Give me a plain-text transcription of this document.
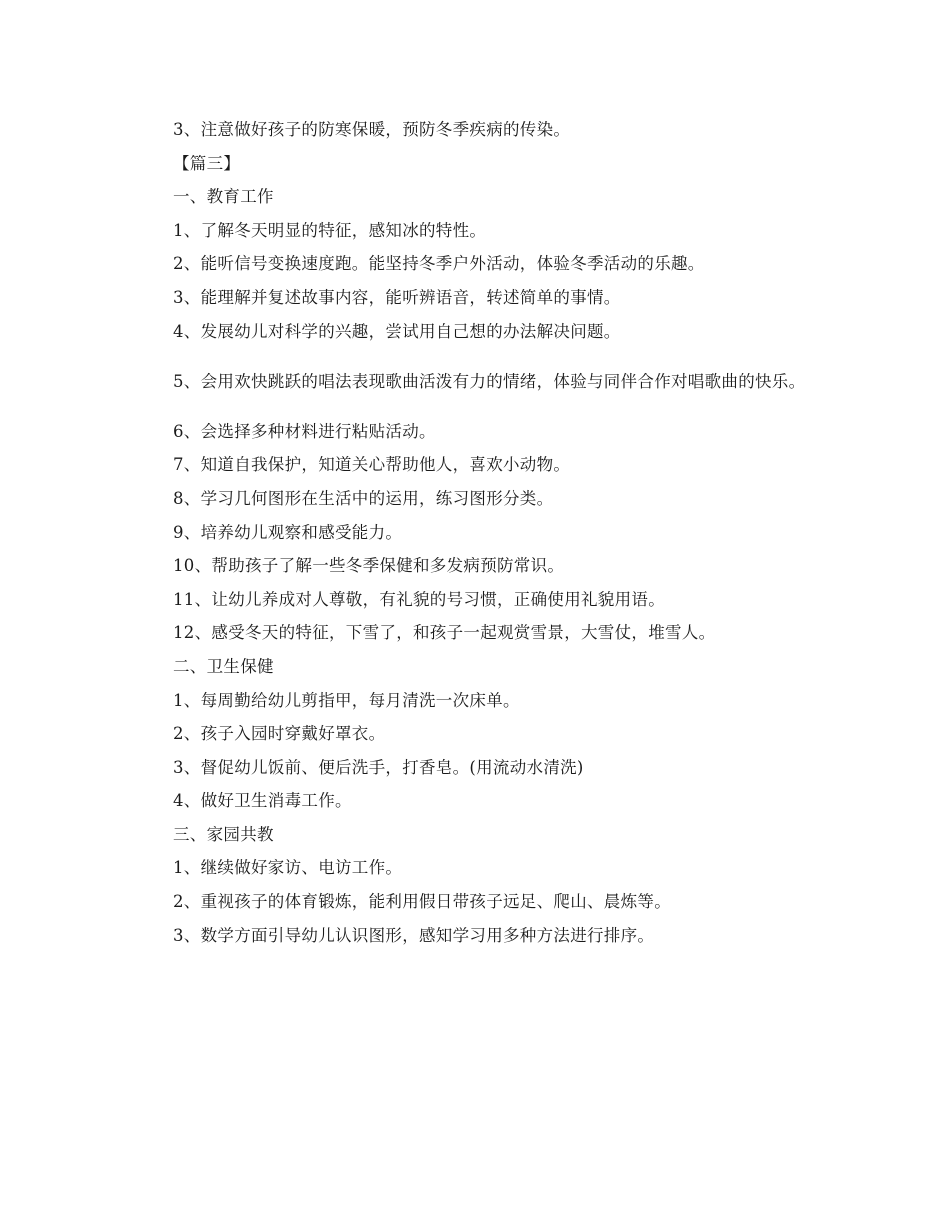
3、注意做好孩子的防寒保暖，预防冬季疾病的传染。

【篇三】

一、教育工作

1、了解冬天明显的特征，感知冰的特性。

2、能听信号变换速度跑。能坚持冬季户外活动，体验冬季活动的乐趣。

3、能理解并复述故事内容，能听辨语音，转述简单的事情。

4、发展幼儿对科学的兴趣，尝试用自己想的办法解决问题。

5、会用欢快跳跃的唱法表现歌曲活泼有力的情绪，体验与同伴合作对唱歌曲的快乐。

6、会选择多种材料进行粘贴活动。

7、知道自我保护，知道关心帮助他人，喜欢小动物。

8、学习几何图形在生活中的运用，练习图形分类。

9、培养幼儿观察和感受能力。

10、帮助孩子了解一些冬季保健和多发病预防常识。

11、让幼儿养成对人尊敬，有礼貌的号习惯，正确使用礼貌用语。

12、感受冬天的特征，下雪了，和孩子一起观赏雪景，大雪仗，堆雪人。

二、卫生保健

1、每周勤给幼儿剪指甲，每月清洗一次床单。

2、孩子入园时穿戴好罩衣。

3、督促幼儿饭前、便后洗手，打香皂。(用流动水清洗)

4、做好卫生消毒工作。

三、家园共教

1、继续做好家访、电访工作。

2、重视孩子的体育锻炼，能利用假日带孩子远足、爬山、晨炼等。

3、数学方面引导幼儿认识图形，感知学习用多种方法进行排序。
